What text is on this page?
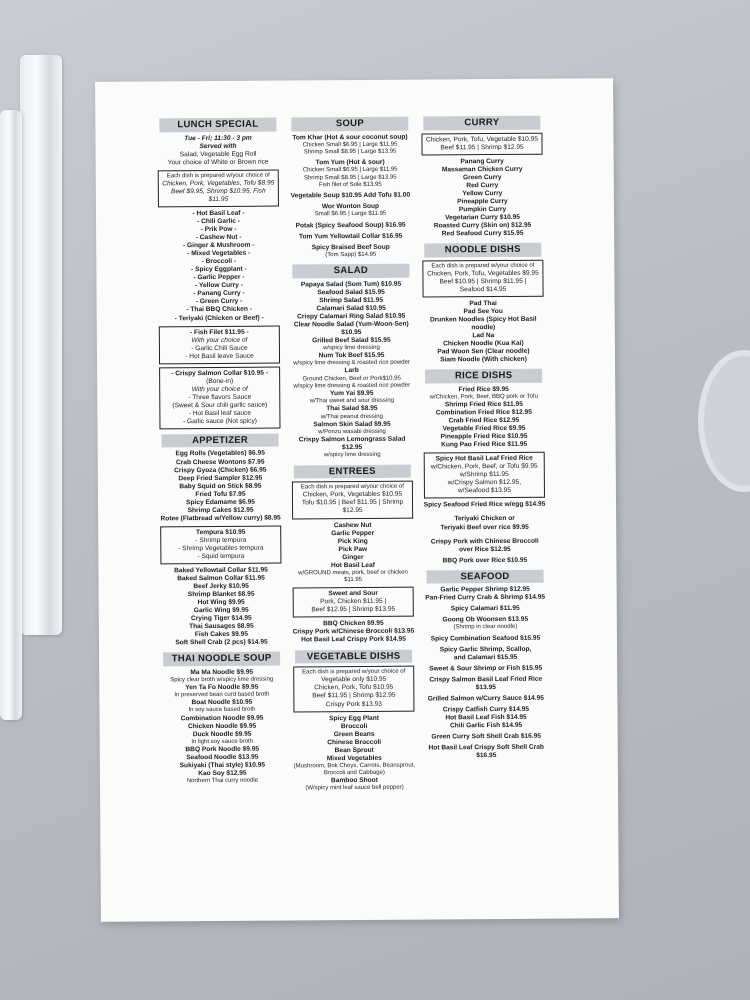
LUNCH SPECIAL
Tue - Fri; 11:30 - 3 pm
Served with
Salad, Vegetable Egg Roll
Your choice of White or Brown rice
Each dish is prepared w/your choice of
Chicken, Pork, Vegetables, Tofu $8.95
Beef $9.95, Shrimp $10.95, Fish $11.95
- Hot Basil Leaf -
- Chili Garlic -
- Prik Pow -
- Cashew Nut -
- Ginger & Mushroom -
- Mixed Vegetables -
- Broccoli -
- Spicy Eggplant -
- Garlic Pepper -
- Yellow Curry -
- Panang Curry -
- Green Curry -
- Thai BBQ Chicken -
- Teriyaki (Chicken or Beef) -
- Fish Filet $11.95 -
With your choice of
- Garlic Chili Sauce
- Hot Basil leave Sauce
- Crispy Salmon Collar $10.95 -
(Bone-in)
With your choice of
- Three flavors Sauce
(Sweet & Sour chili garlic sauce)
- Hot Basil leaf sauce
- Garlic sauce (Not spicy)
APPETIZER
Egg Rolls (Vegetables) $6.95
Crab Cheese Wontons $7.95
Crispy Gyoza (Chicken) $6.95
Deep Fried Sampler $12.95
Baby Squid on Stick $8.95
Fried Tofu $7.95
Spicy Edamame $6.95
Shrimp Cakes $12.95
Rotee (Flatbread w/Yellow curry) $8.95
Tempura $10.95
- Shrimp tempura
- Shrimp Vegetables tempura
- Squid tempura
Baked Yellowtail Collar $11.95
Baked Salmon Collar $11.95
Beef Jerky $10.95
Shrimp Blanket $8.95
Hot Wing $9.95
Garlic Wing $9.95
Crying Tiger $14.95
Thai Sausages $8.95
Fish Cakes $9.95
Soft Shell Crab (2 pcs) $14.95
THAI NOODLE SOUP
Ma Ma Noodle $9.95
Spicy clear broth w/spicy lime dressing
Yen Ta Fo Noodle $9.95
In preserved bean curd based broth
Boat Noodle $10.95
In soy sauce based broth
Combination Noodle $9.95
Chicken Noodle $9.95
Duck Noodle $9.95
In light soy sauce broth
BBQ Pork Noodle $9.95
Seafood Noodle $13.95
Sukiyaki (Thai style) $10.95
Kao Soy $12.95
Northern Thai curry noodle
SOUP
Tom Khar (Hot & sour coconut soup)
Chicken Small $6.95 | Large $11.95
Shrimp Small $8.95 | Large $13.95
Tom Yum (Hot & sour)
Chicken Small $6.95 | Large $11.95
Shrimp Small $8.95 | Large $13.95
Fish filet of Sole $13.95
Vegetable Soup $10.95 Add Tofu $1.00
Wor Wonton Soup
Small $6.95 | Large $11.95
Potak (Spicy Seafood Soup) $16.95
Tom Yum Yellowtail Collar $16.95
Spicy Braised Beef Soup
(Tom Sapp) $14.95
SALAD
Papaya Salad (Som Tum) $10.95
Seafood Salad $15.95
Shrimp Salad $11.95
Calamari Salad $10.95
Crispy Calamari Ring Salad $10.95
Clear Noodle Salad (Yum-Woon-Sen) $10.95
Grilled Beef Salad $15.95
w/spicy lime dressing
Num Tok Beef $15.95
w/spicy lime dressing & roasted rice powder
Larb
Ground Chicken, Beef or Pork$10.95
w/spicy lime dressing & roasted rice powder
Yum Yai $9.95
w/Thai sweet and sour dressing
Thai Salad $8.95
w/Thai peanut dressing
Salmon Skin Salad $9.95
w/Ponzu wasabi dressing
Crispy Salmon Lemongrass Salad $12.95
w/spicy lime dressing
ENTREES
Each dish is prepared w/your choice of
Chicken, Pork, Vegetables $10.95
Tofu $10.95 | Beef $11.95 | Shrimp $12.95
Cashew Nut
Garlic Pepper
Pick King
Pick Paw
Ginger
Hot Basil Leaf
w/GROUND meats, pork, beef or chicken
$11.95
Sweet and Sour
Pork, Chicken $11.95 |
Beef $12.95 | Shrimp $13.95
BBQ Chicken $9.95
Crispy Pork w/Chinese Broccoli $13.95
Hot Basil Leaf Crispy Pork $14.95
VEGETABLE DISHS
Each dish is prepared w/your choice of
Vegetable only $10.95
Chicken, Pork, Tofu $10.95
Beef $11.95 | Shrimp $12.95
Crispy Pork $13.93
Spicy Egg Plant
Broccoli
Green Beans
Chinese Broccoli
Bean Sprout
Mixed Vegetables
(Mushroom, Bok Choys, Carrots, Beansprout, Broccoli and Cabbage)
Bamboo Shoot
(W/spicy mint leaf sauce bell pepper)
CURRY
Chicken, Pork, Tofu, Vegetable $10.95
Beef $11.95 | Shrimp $12.95
Panang Curry
Massaman Chicken Curry
Green Curry
Red Curry
Yellow Curry
Pineapple Curry
Pumpkin Curry
Vegetarian Curry $10.95
Roasted Curry (Skin on) $12.95
Red Seafood Curry $15.95
NOODLE DISHS
Each dish is prepared w/your choice of
Chicken, Pork, Tofu, Vegetables $9.95
Beef $10.95 | Shrimp $11.95 |
Seafood $14.95
Pad Thai
Pad See You
Drunken Noodles (Spicy Hot Basil noodle)
Lad Na
Chicken Noodle (Kua Kai)
Pad Woon Sen (Clear noodle)
Siam Noodle (With chicken)
RICE DISHS
Fried Rice $9.95
w/Chicken, Pork, Beef, BBQ pork or Tofu
Shrimp Fried Rice $11.95
Combination Fried Rice $12.95
Crab Fried Rice $12.95
Vegetable Fried Rice $9.95
Pineapple Fried Rice $10.95
Kung Pao Fried Rice $11.95
Spicy Hot Basil Leaf Fried Rice
w/Chicken, Pork, Beef, or Tofu $9.95
w/Shrimp $11.95
w/Crispy Salmon $12.95,
w/Seafood $13.95
Spicy Seafood Fried Rice w/egg $14.95
Teriyaki Chicken or
Teriyaki Beef over rice $9.95
Crispy Pork with Chinese Broccoli
over Rice $12.95
BBQ Pork over Rice $10.95
SEAFOOD
Garlic Pepper Shrimp $12.95
Pan-Fried Curry Crab & Shrimp $14.95
Spicy Calamari $11.95
Goong Ob Woonsen $13.95
(Shrimp in clear noodle)
Spicy Combination Seafood $15.95
Spicy Garlic Shrimp, Scallop,
and Calamari $15.95
Sweet & Sour Shrimp or Fish $15.95
Crispy Salmon Basil Leaf Fried Rice
$13.95
Grilled Salmon w/Curry Sauce $14.95
Crispy Catfish Curry $14.95
Hot Basil Leaf Fish $14.95
Chili Garlic Fish $14.95
Green Curry Soft Shell Crab $16.95
Hot Basil Leaf Crispy Soft Shell Crab
$16.95
